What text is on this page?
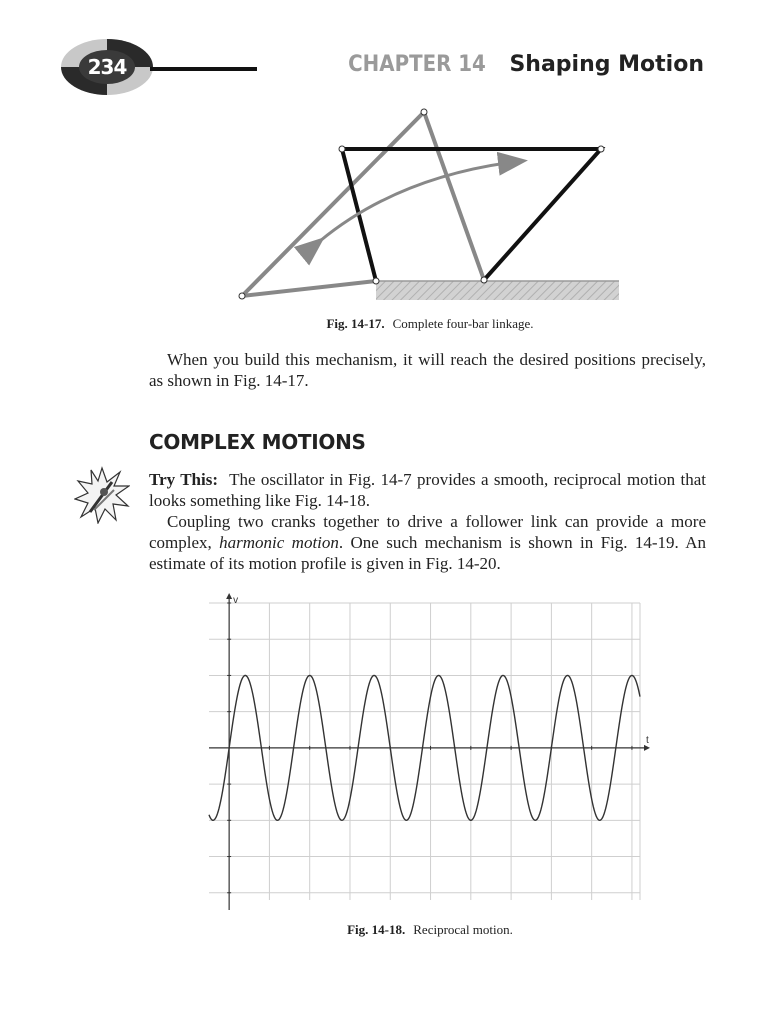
234	CHAPTER 14 Shaping Motion
Fig. 14-17. Complete four-bar linkage.
When you build this mechanism, it will reach the desired positions precisely, as shown in Fig. 14-17.
COMPLEX MOTIONS
Try This: The oscillator in Fig. 14-7 provides a smooth, reciprocal motion that looks something like Fig. 14-18.
Coupling two cranks together to drive a follower link can provide a more complex, harmonic motion. One such mechanism is shown in Fig. 14-19. An estimate of its motion profile is given in Fig. 14-20.
v
t
Fig. 14-18. Reciprocal motion.
